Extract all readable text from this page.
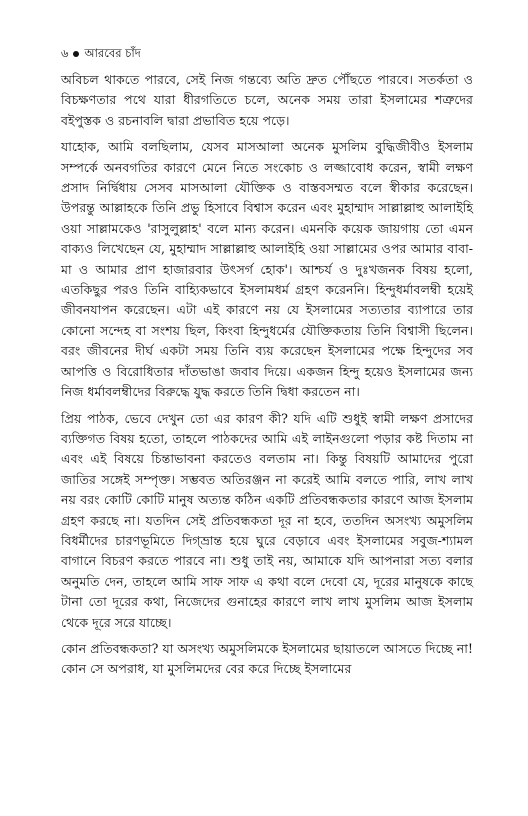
৬ আরবের চাঁদ

অবিচল থাকতে পারবে, সেই নিজ গন্তব্যে অতি দ্রুত পৌঁছতে পারবে। সতর্কতা ও বিচক্ষণতার পথে যারা ধীরগতিতে চলে, অনেক সময় তারা ইসলামের শত্রুদের বইপুস্তক ও রচনাবলি দ্বারা প্রভাবিত হয়ে পড়ে।

যাহোক, আমি বলছিলাম, যেসব মাসআলা অনেক মুসলিম বুদ্ধিজীবীও ইসলাম সম্পর্কে অনবগতির কারণে মেনে নিতে সংকোচ ও লজ্জাবোধ করেন, স্বামী লক্ষণ প্রসাদ নির্দ্বিধায় সেসব মাসআলা যৌক্তিক ও বাস্তবসম্মত বলে স্বীকার করেছেন। উপরন্তু আল্লাহকে তিনি প্রভু হিসাবে বিশ্বাস করেন এবং মুহাম্মাদ সাল্লাল্লাহু আলাইহি ওয়া সাল্লামকেও 'রাসুলুল্লাহ' বলে মান্য করেন। এমনকি কয়েক জায়গায় তো এমন বাক্যও লিখেছেন যে, মুহাম্মাদ সাল্লাল্লাহু আলাইহি ওয়া সাল্লামের ওপর আমার বাবা-মা ও আমার প্রাণ হাজারবার উৎসর্গ হোক'। আশ্চর্য ও দুঃখজনক বিষয় হলো, এতকিছুর পরও তিনি বাহ্যিকভাবে ইসলামধর্ম গ্রহণ করেননি। হিন্দুধর্মাবলম্বী হয়েই জীবনযাপন করেছেন। এটা এই কারণে নয় যে ইসলামের সত্যতার ব্যাপারে তার কোনো সন্দেহ বা সংশয় ছিল, কিংবা হিন্দুধর্মের যৌক্তিকতায় তিনি বিশ্বাসী ছিলেন। বরং জীবনের দীর্ঘ একটা সময় তিনি ব্যয় করেছেন ইসলামের পক্ষে হিন্দুদের সব আপত্তি ও বিরোধিতার দাঁতভাঙা জবাব দিয়ে। একজন হিন্দু হয়েও ইসলামের জন্য নিজ ধর্মাবলম্বীদের বিরুদ্ধে যুদ্ধ করতে তিনি দ্বিধা করতেন না।

প্রিয় পাঠক, ভেবে দেখুন তো এর কারণ কী? যদি এটি শুধুই স্বামী লক্ষণ প্রসাদের ব্যক্তিগত বিষয় হতো, তাহলে পাঠকদের আমি এই লাইনগুলো পড়ার কষ্ট দিতাম না এবং এই বিষয়ে চিন্তাভাবনা করতেও বলতাম না। কিন্তু বিষয়টি আমাদের পুরো জাতির সঙ্গেই সম্পৃক্ত। সম্ভবত অতিরঞ্জন না করেই আমি বলতে পারি, লাখ লাখ নয় বরং কোটি কোটি মানুষ অত্যন্ত কঠিন একটি প্রতিবন্ধকতার কারণে আজ ইসলাম গ্রহণ করছে না। যতদিন সেই প্রতিবন্ধকতা দূর না হবে, ততদিন অসংখ্য অমুসলিম বিধর্মীদের চারণভূমিতে দিগ্ভ্রান্ত হয়ে ঘুরে বেড়াবে এবং ইসলামের সবুজ-শ্যামল বাগানে বিচরণ করতে পারবে না। শুধু তাই নয়, আমাকে যদি আপনারা সত্য বলার অনুমতি দেন, তাহলে আমি সাফ সাফ এ কথা বলে দেবো যে, দূরের মানুষকে কাছে টানা তো দূরের কথা, নিজেদের গুনাহের কারণে লাখ লাখ মুসলিম আজ ইসলাম থেকে দূরে সরে যাচ্ছে।

কোন প্রতিবন্ধকতা? যা অসংখ্য অমুসলিমকে ইসলামের ছায়াতলে আসতে দিচ্ছে না! কোন সে অপরাধ, যা মুসলিমদের বের করে দিচ্ছে ইসলামের
